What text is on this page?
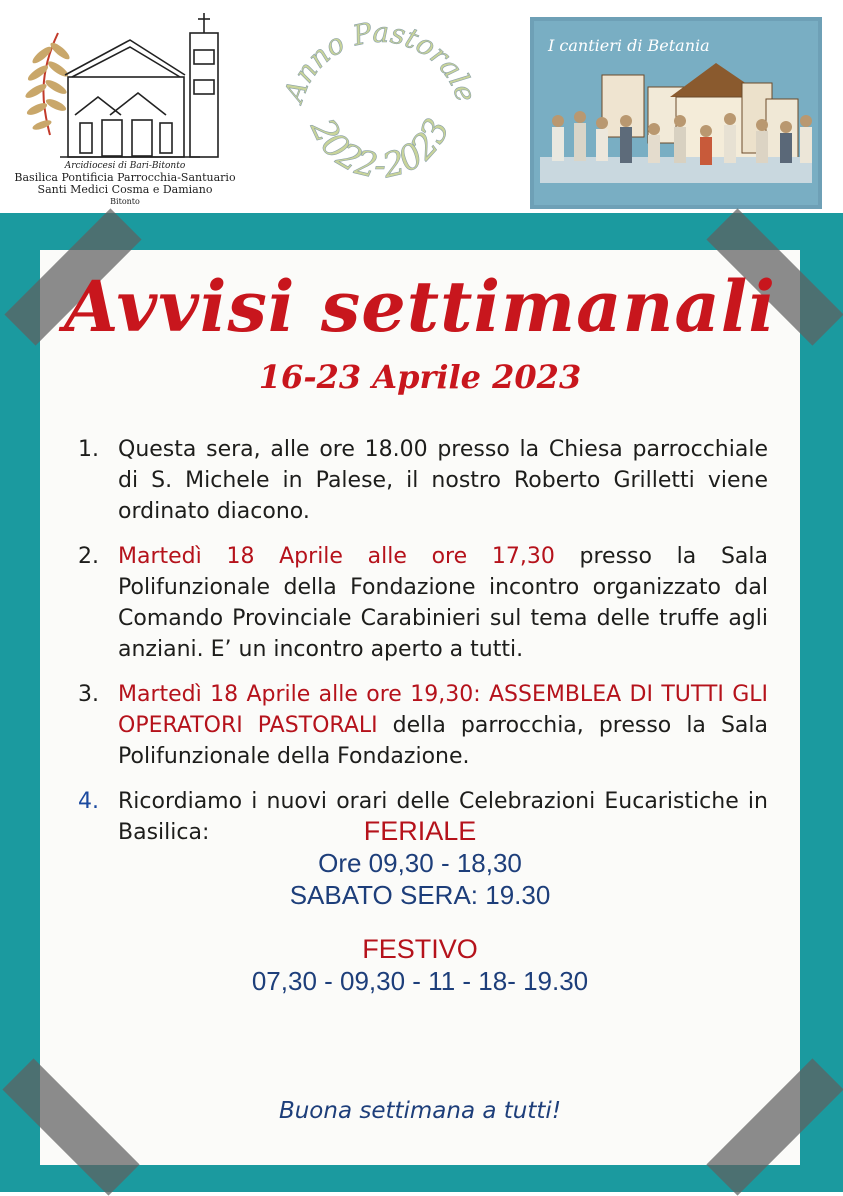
Arcidiocesi di Bari-Bitonto
Basilica Pontificia Parrocchia-Santuario
Santi Medici Cosma e Damiano
Bitonto
Anno Pastorale
2022-2023
I cantieri di Betania
Avvisi settimanali
16-23 Aprile 2023
1. Questa sera, alle ore 18.00 presso la Chiesa parrocchiale di S. Michele in Palese, il nostro Roberto Grilletti viene ordinato diacono.
2. Martedì 18 Aprile alle ore 17,30 presso la Sala Polifunzionale della Fondazione incontro organizzato dal Comando Provinciale Carabinieri sul tema delle truffe agli anziani. E’ un incontro aperto a tutti.
3. Martedì 18 Aprile alle ore 19,30: ASSEMBLEA DI TUTTI GLI OPERATORI PASTORALI della parrocchia, presso la Sala Polifunzionale della Fondazione.
4. Ricordiamo i nuovi orari delle Celebrazioni Eucaristiche in Basilica:	FERIALE
Ore 09,30 - 18,30
SABATO SERA: 19.30
FESTIVO
07,30 - 09,30 - 11 - 18- 19.30
Buona settimana a tutti!
